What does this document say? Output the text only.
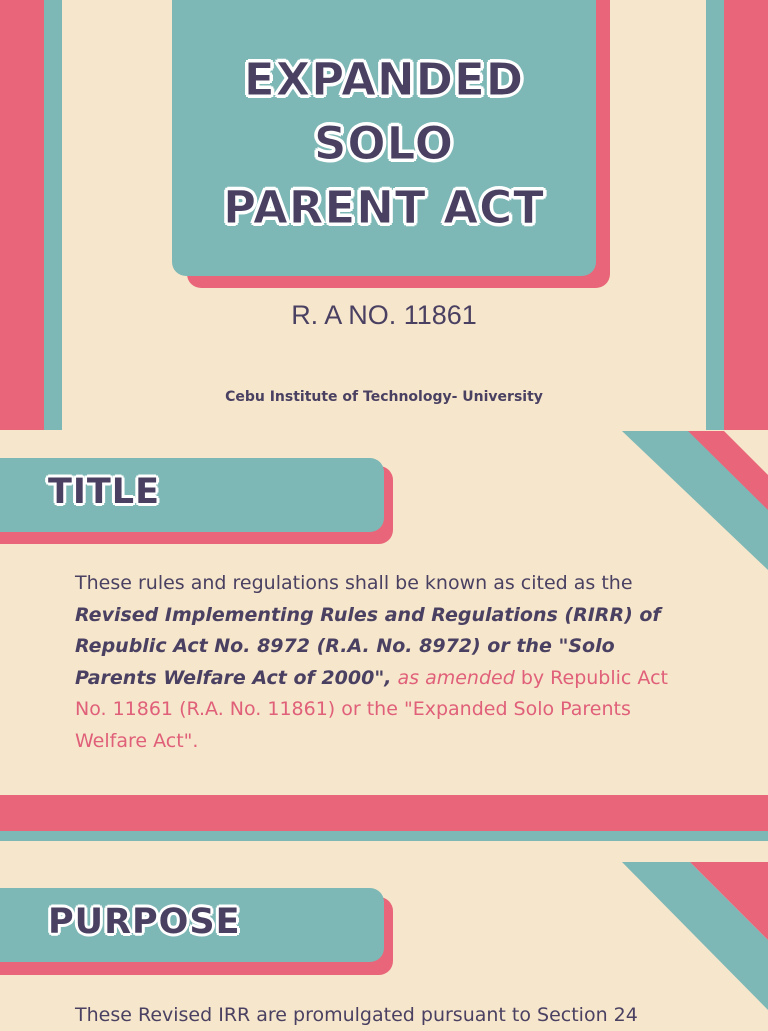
EXPANDED
SOLO
PARENT ACT
R. A NO. 11861
Cebu Institute of Technology- University
TITLE
These rules and regulations shall be known as cited as the Revised Implementing Rules and Regulations (RIRR) of Republic Act No. 8972 (R.A. No. 8972) or the "Solo Parents Welfare Act of 2000", as amended by Republic Act No. 11861 (R.A. No. 11861) or the "Expanded Solo Parents Welfare Act".
PURPOSE
These Revised IRR are promulgated pursuant to Section 24
